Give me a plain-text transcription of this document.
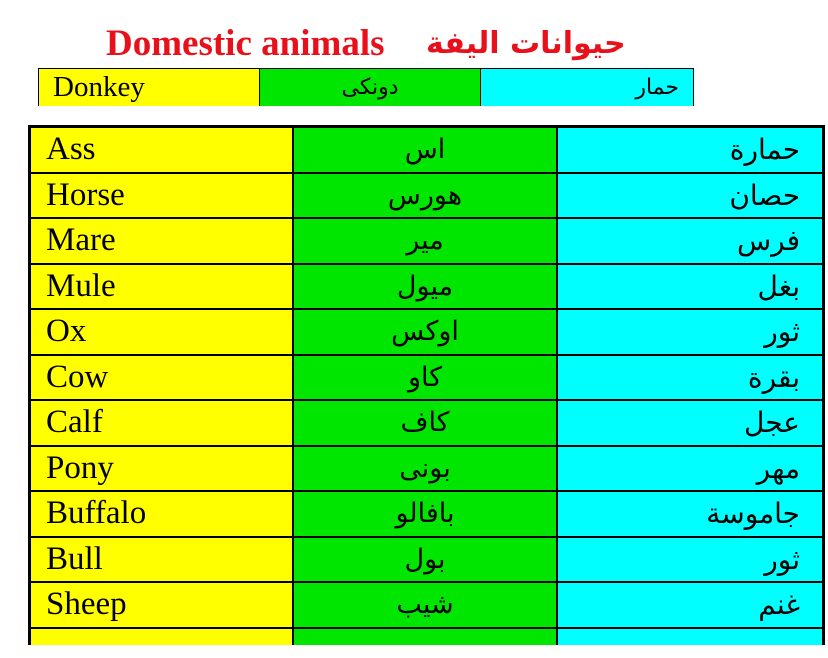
Domestic animals حيوانات اليفة
Donkey	دونكى	حمار
Ass	اس	حمارة
Horse	هورس	حصان
Mare	مير	فرس
Mule	ميول	بغل
Ox	اوكس	ثور
Cow	كاو	بقرة
Calf	كاف	عجل
Pony	بونى	مهر
Buffalo	بافالو	جاموسة
Bull	بول	ثور
Sheep	شيب	غنم
